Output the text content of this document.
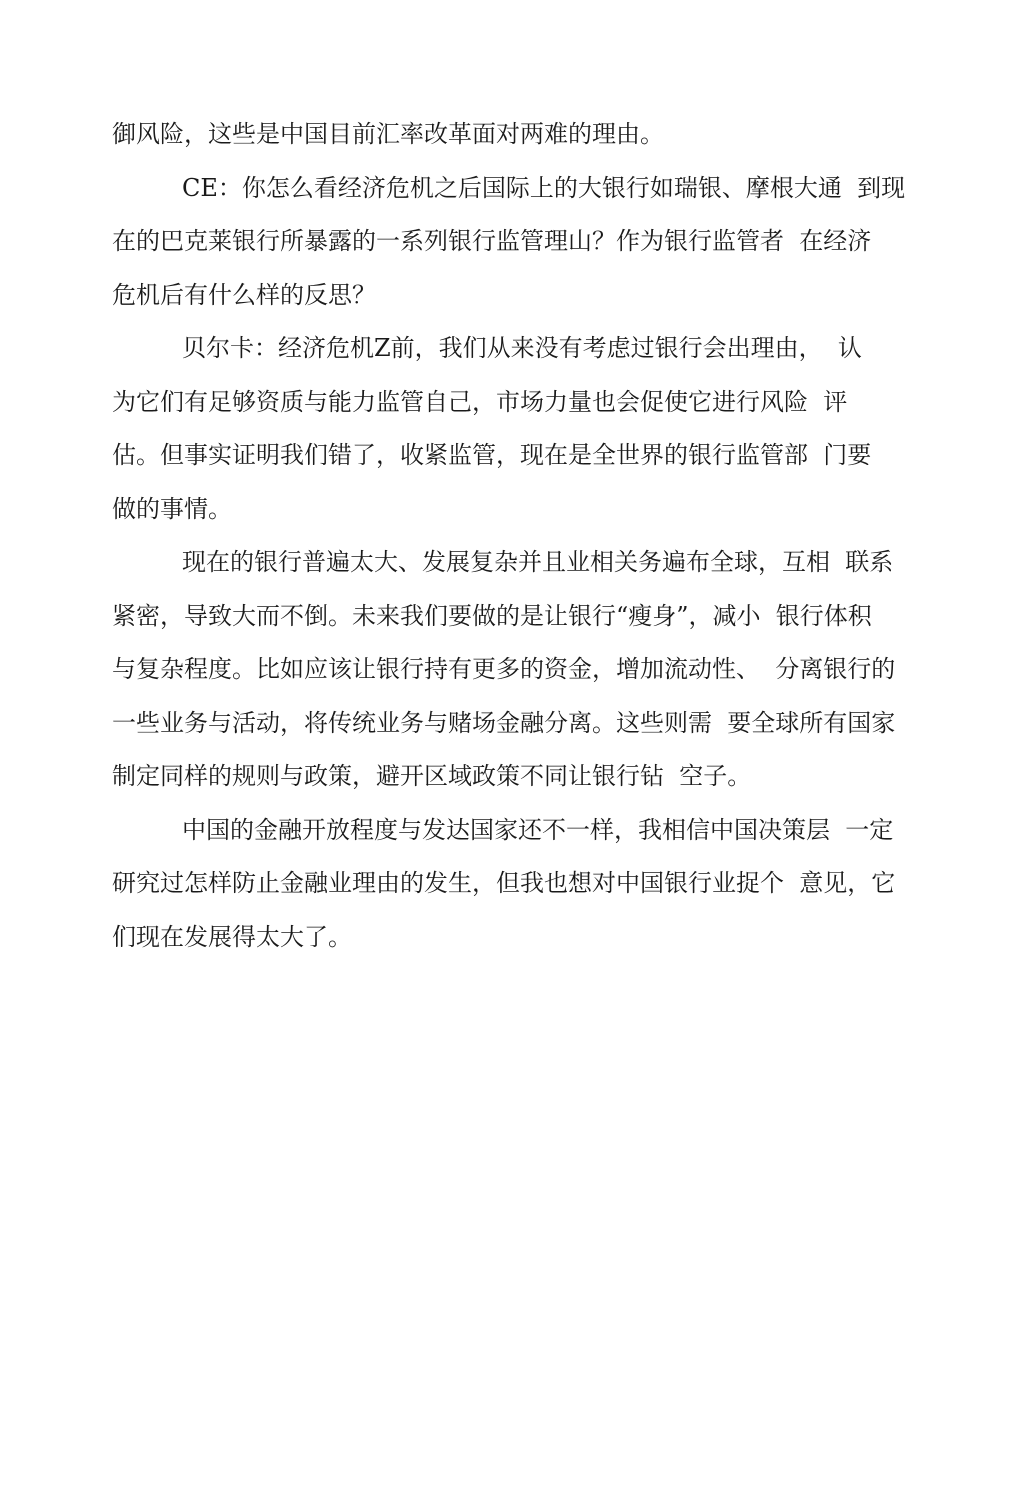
御风险，这些是中国目前汇率改革面对两难的理由。
CE：你怎么看经济危机之后国际上的大银行如瑞银、摩根大通  到现
在的巴克莱银行所暴露的一系列银行监管理山？作为银行监管者  在经济
危机后有什么样的反思？
贝尔卡：经济危机Z前，我们从来没有考虑过银行会出理由，  认
为它们有足够资质与能力监管自己，市场力量也会促使它进行风险  评
估。但事实证明我们错了，收紧监管，现在是全世界的银行监管部  门要
做的事情。
现在的银行普遍太大、发展复杂并且业相关务遍布全球，互相  联系
紧密，导致大而不倒。未来我们要做的是让银行“瘦身”，减小  银行体积
与复杂程度。比如应该让银行持有更多的资金，增加流动性、  分离银行的
一些业务与活动，将传统业务与赌场金融分离。这些则需  要全球所有国家
制定同样的规则与政策，避开区域政策不同让银行钻  空子。
中国的金融开放程度与发达国家还不一样，我相信中国决策层  一定
研究过怎样防止金融业理由的发生，但我也想对中国银行业捉个  意见，它
们现在发展得太大了。
